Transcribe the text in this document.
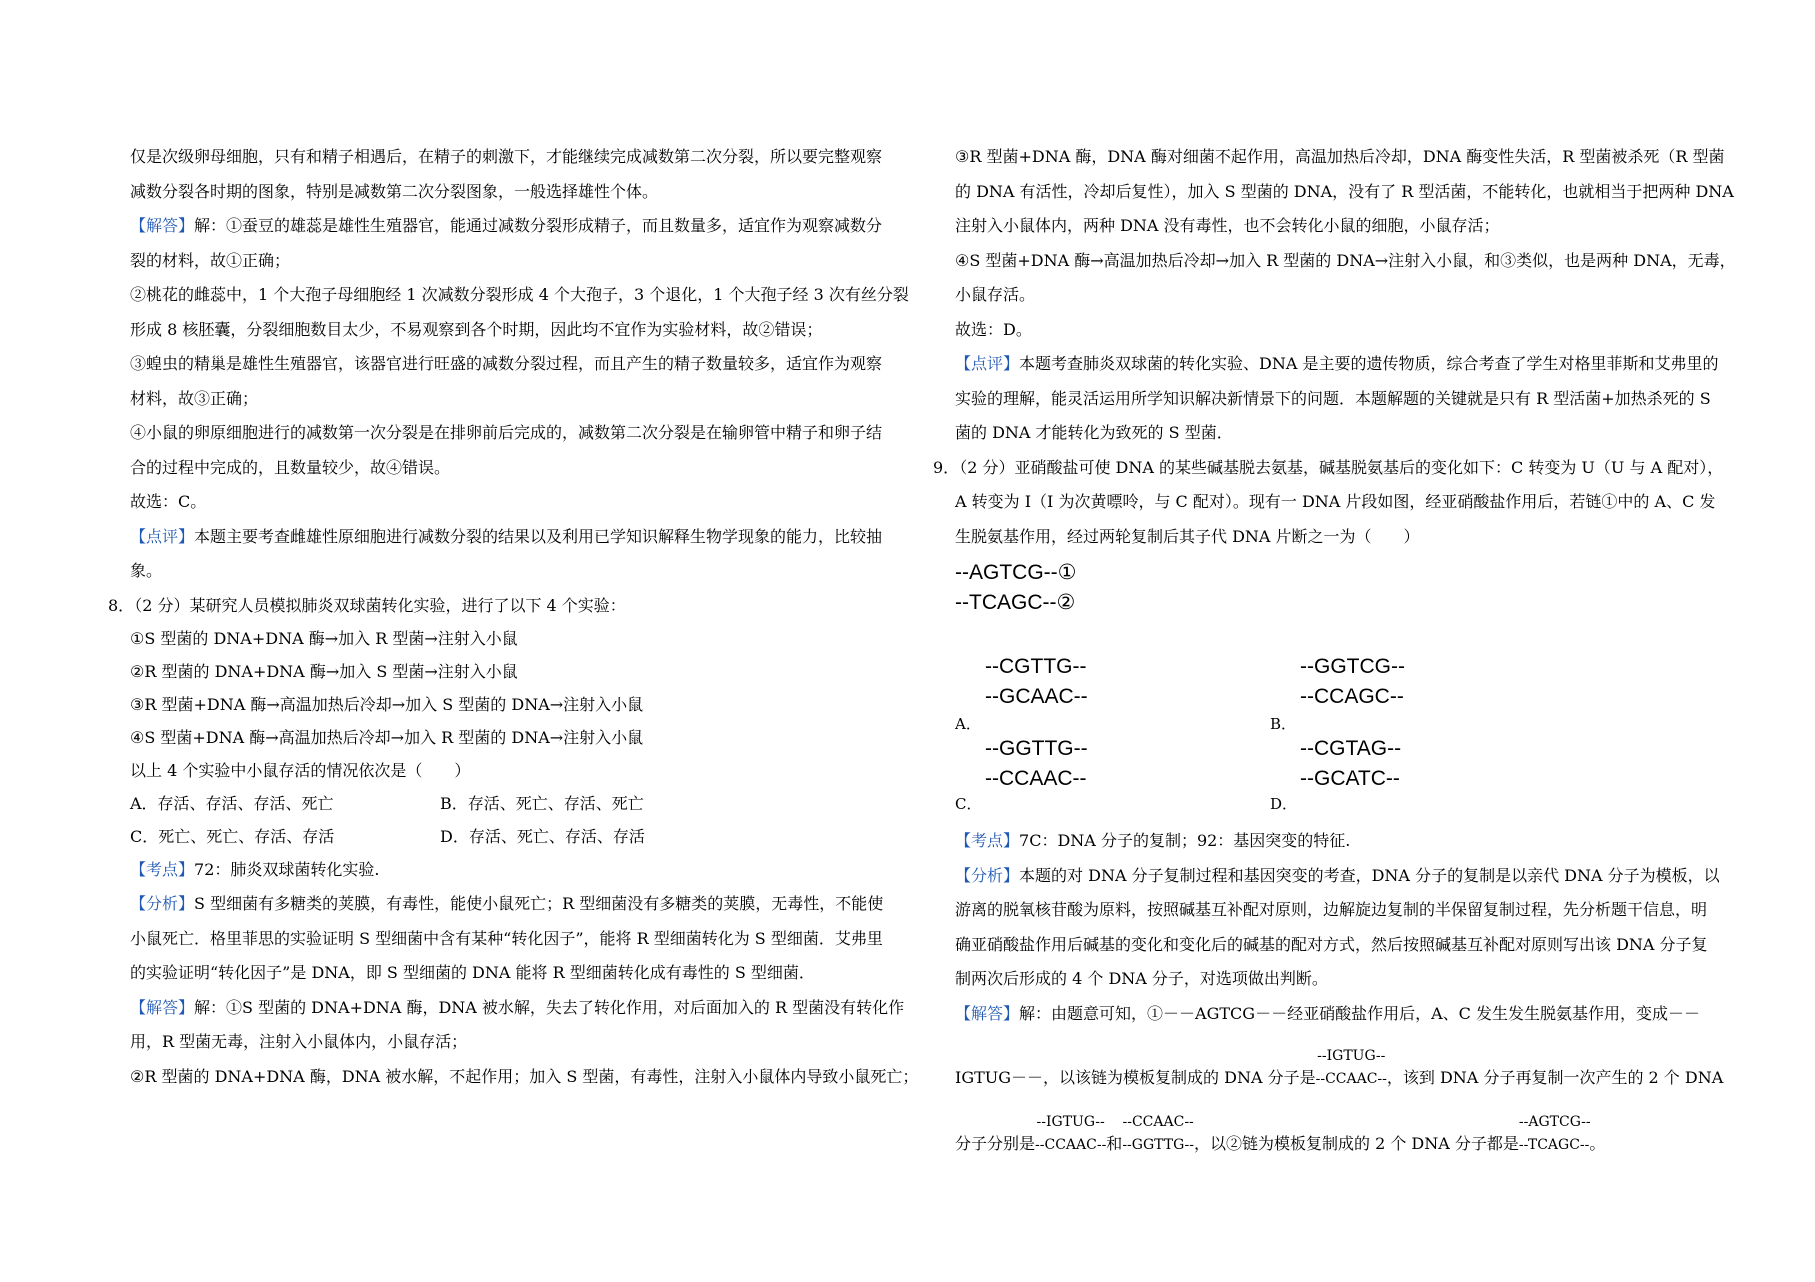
仅是次级卵母细胞，只有和精子相遇后，在精子的刺激下，才能继续完成减数第二次分裂，所以要完整观察
减数分裂各时期的图象，特别是减数第二次分裂图象，一般选择雄性个体。
【 解答 】 解：①蚕豆的雄蕊是雄性生殖器官，能通过减数分裂形成精子，而且数量多，适宜作为观察减数分
裂的材料，故①正确；
②桃花的雌蕊中，1 个大孢子母细胞经 1 次减数分裂形成 4 个大孢子，3 个退化，1 个大孢子经 3 次有丝分裂
形成 8 核胚囊，分裂细胞数目太少，不易观察到各个时期，因此均不宜作为实验材料，故②错误；
③蝗虫的精巢是雄性生殖器官，该器官进行旺盛的减数分裂过程，而且产生的精子数量较多，适宜作为观察
材料，故③正确；
④小鼠的卵原细胞进行的减数第一次分裂是在排卵前后完成的，减数第二次分裂是在输卵管中精子和卵子结
合的过程中完成的，且数量较少，故④错误。
故选：C。
【 点评 】 本题主要考查雌雄性原细胞进行减数分裂的结果以及利用已学知识解释生物学现象的能力，比较抽
象。
8．（2 分）某研究人员模拟肺炎双球菌转化实验，进行了以下 4 个实验：
①S 型菌的 DNA+DNA 酶→加入 R 型菌→注射入小鼠
②R 型菌的 DNA+DNA 酶→加入 S 型菌→注射入小鼠
③R 型菌+DNA 酶→高温加热后冷却→加入 S 型菌的 DNA→注射入小鼠
④S 型菌+DNA 酶→高温加热后冷却→加入 R 型菌的 DNA→注射入小鼠
以上 4 个实验中小鼠存活的情况依次是（　　）
A．存活、存活、存活、死亡	B．存活、死亡、存活、死亡
C．死亡、死亡、存活、存活	D．存活、死亡、存活、存活
【 考点 】 72：肺炎双球菌转化实验.
【 分析 】 S 型细菌有多糖类的荚膜，有毒性，能使小鼠死亡；R 型细菌没有多糖类的荚膜，无毒性，不能使
小鼠死亡．格里菲思的实验证明 S 型细菌中含有某种“转化因子”，能将 R 型细菌转化为 S 型细菌．艾弗里
的实验证明“转化因子”是 DNA，即 S 型细菌的 DNA 能将 R 型细菌转化成有毒性的 S 型细菌．
【 解答 】 解：①S 型菌的 DNA+DNA 酶，DNA 被水解，失去了转化作用，对后面加入的 R 型菌没有转化作
用，R 型菌无毒，注射入小鼠体内，小鼠存活；
②R 型菌的 DNA+DNA 酶，DNA 被水解，不起作用；加入 S 型菌，有毒性，注射入小鼠体内导致小鼠死亡；
③R 型菌+DNA 酶，DNA 酶对细菌不起作用，高温加热后冷却，DNA 酶变性失活，R 型菌被杀死（R 型菌
的 DNA 有活性，冷却后复性），加入 S 型菌的 DNA，没有了 R 型活菌，不能转化，也就相当于把两种 DNA
注射入小鼠体内，两种 DNA 没有毒性，也不会转化小鼠的细胞，小鼠存活；
④S 型菌+DNA 酶→高温加热后冷却→加入 R 型菌的 DNA→注射入小鼠，和③类似，也是两种 DNA，无毒，
小鼠存活。
故选：D。
【 点评 】 本题考查肺炎双球菌的转化实验、DNA 是主要的遗传物质，综合考查了学生对格里菲斯和艾弗里的
实验的理解，能灵活运用所学知识解决新情景下的问题．本题解题的关键就是只有 R 型活菌+加热杀死的 S
菌的 DNA 才能转化为致死的 S 型菌．
9．（2 分）亚硝酸盐可使 DNA 的某些碱基脱去氨基，碱基脱氨基后的变化如下：C 转变为 U（U 与 A 配对），
A 转变为 I（I 为次黄嘌呤，与 C 配对）。现有一 DNA 片段如图，经亚硝酸盐作用后，若链①中的 A、C 发
生脱氨基作用，经过两轮复制后其子代 DNA 片断之一为（　　）
--AGTCG--①
--TCAGC--②
A．
--CGTTG--
--GCAAC--
B．
--GGTCG--
--CCAGC--
C．
--GGTTG--
--CCAAC--
D．
--CGTAG--
--GCATC--
【 考点 】 7C：DNA 分子的复制；92：基因突变的特征.
【 分析 】 本题的对 DNA 分子复制过程和基因突变的考查，DNA 分子的复制是以亲代 DNA 分子为模板，以
游离的脱氧核苷酸为原料，按照碱基互补配对原则，边解旋边复制的半保留复制过程，先分析题干信息，明
确亚硝酸盐作用后碱基的变化和变化后的碱基的配对方式，然后按照碱基互补配对原则写出该 DNA 分子复
制两次后形成的 4 个 DNA 分子，对选项做出判断。
【 解答 】 解：由题意可知，①－－AGTCG－－经亚硝酸盐作用后，A、C 发生发生脱氨基作用，变成－－
IGTUG－－，以该链为模板复制成的 DNA 分子是
--IGTUG--
--CCAAC--，该到 DNA 分子再复制一次产生的 2 个 DNA
分子分别是
--IGTUG--
--CCAAC--和
--CCAAC--
--GGTTG--，以②链为模板复制成的 2 个 DNA 分子都是
--AGTCG--
--TCAGC--。
